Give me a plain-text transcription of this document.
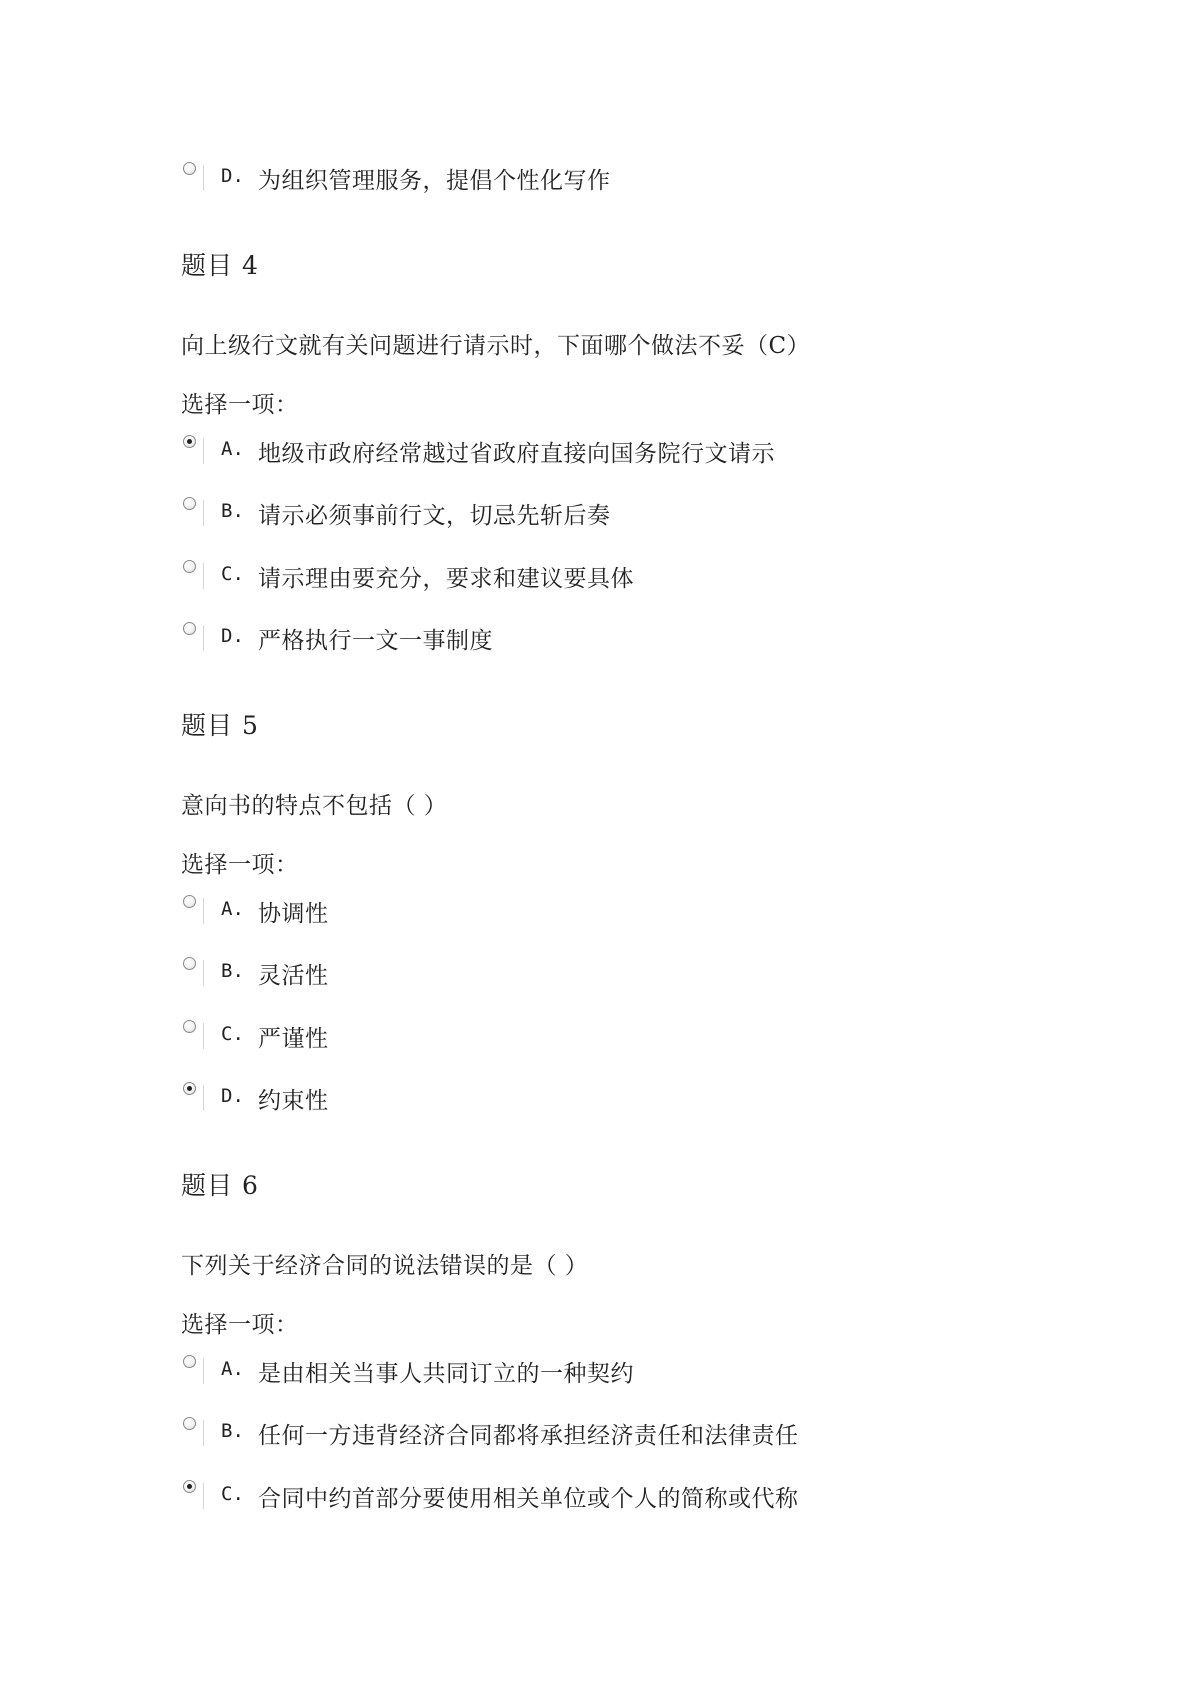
D. 为组织管理服务，提倡个性化写作
题目 4
向上级行文就有关问题进行请示时，下面哪个做法不妥（C）
选择一项：
A. 地级市政府经常越过省政府直接向国务院行文请示
B. 请示必须事前行文，切忌先斩后奏
C. 请示理由要充分，要求和建议要具体
D. 严格执行一文一事制度
题目 5
意向书的特点不包括（ ）
选择一项：
A. 协调性
B. 灵活性
C. 严谨性
D. 约束性
题目 6
下列关于经济合同的说法错误的是（ ）
选择一项：
A. 是由相关当事人共同订立的一种契约
B. 任何一方违背经济合同都将承担经济责任和法律责任
C. 合同中约首部分要使用相关单位或个人的简称或代称
